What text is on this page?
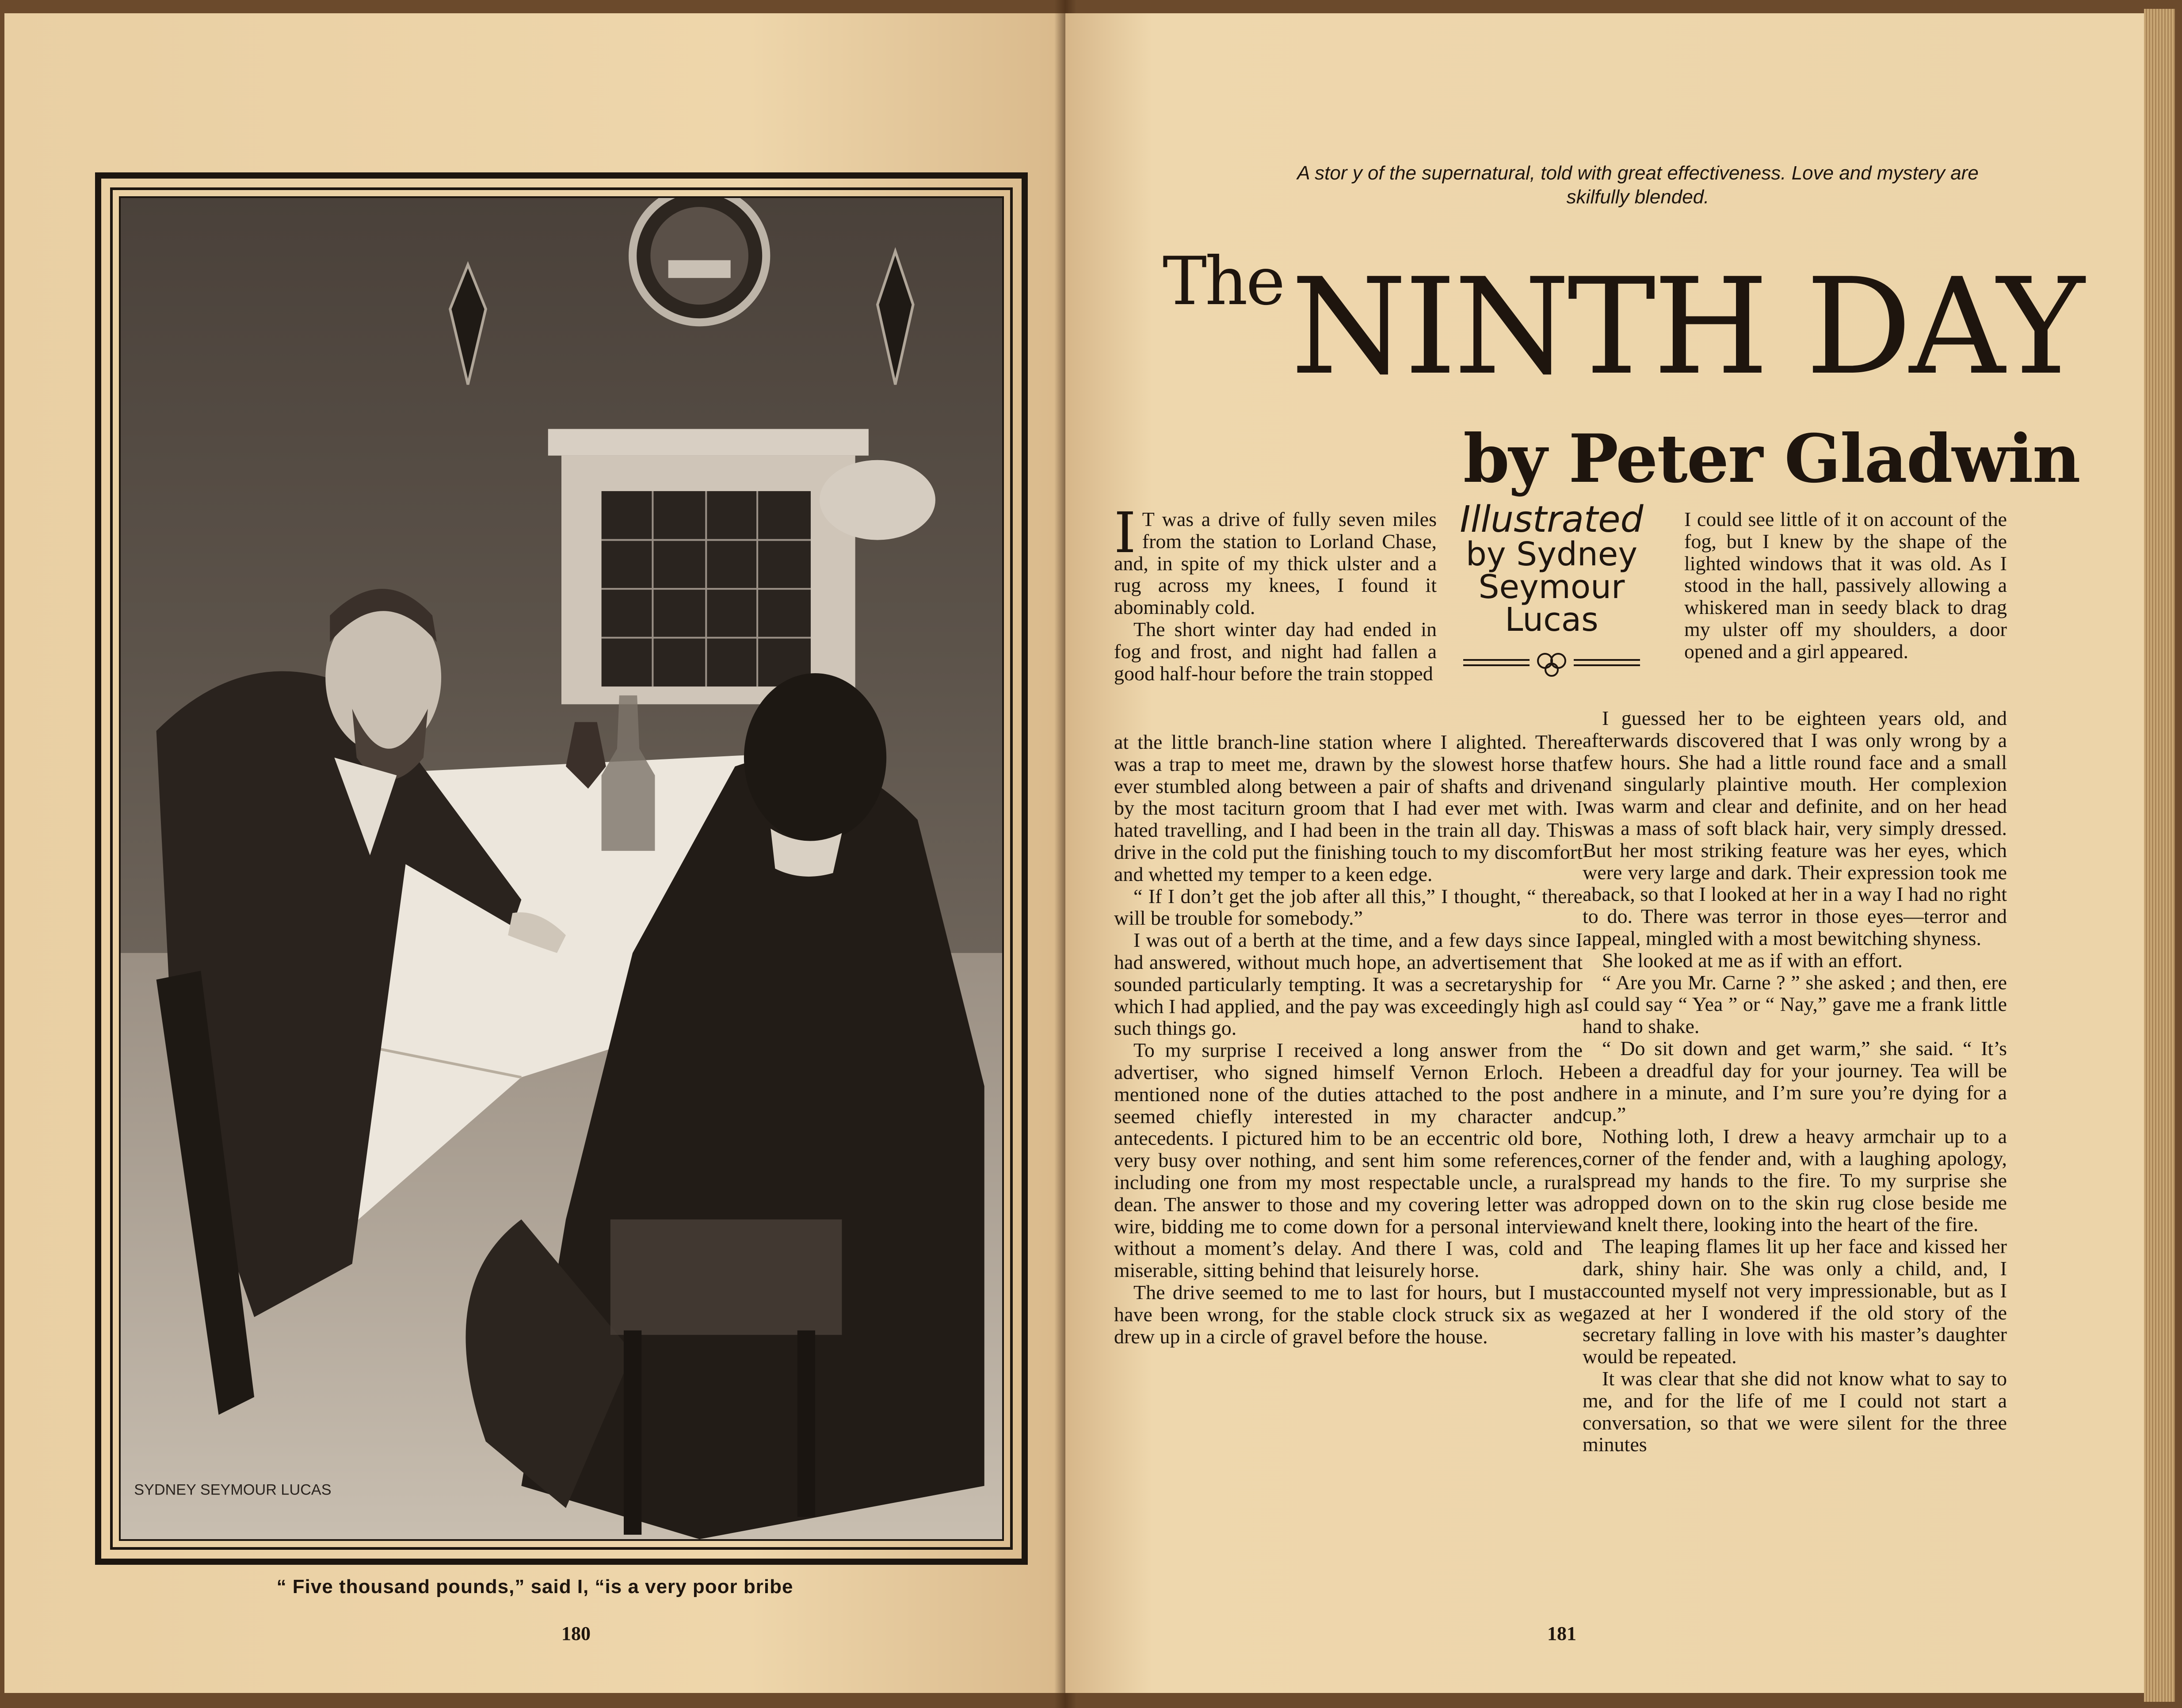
SYDNEY SEYMOUR LUCAS
“ Five thousand pounds,” said I, “is a very poor bribe
180
A stor y of the supernatural, told with great effectiveness. Love and mystery are skilfully blended.
The NINTH DAY
by Peter Gladwin
Illustrated
by Sydney
Seymour
Lucas

I T was a drive of fully seven miles from the station to Lorland Chase, and, in spite of my thick ulster and a rug across my knees, I found it abominably cold.

The short winter day had ended in fog and frost, and night had fallen a good half-hour before the train stopped

I could see little of it on account of the fog, but I knew by the shape of the lighted windows that it was old. As I stood in the hall, passively allowing a whiskered man in seedy black to drag my ulster off my shoulders, a door opened and a girl appeared.

at the little branch-line station where I alighted. There was a trap to meet me, drawn by the slowest horse that ever stumbled along between a pair of shafts and driven by the most taciturn groom that I had ever met with. I hated travelling, and I had been in the train all day. This drive in the cold put the finishing touch to my discomfort and whetted my temper to a keen edge.

“ If I don’t get the job after all this,” I thought, “ there will be trouble for somebody.”

I was out of a berth at the time, and a few days since I had answered, without much hope, an advertisement that sounded particularly tempting. It was a secretaryship for which I had applied, and the pay was exceedingly high as such things go.

To my surprise I received a long answer from the advertiser, who signed himself Vernon Erloch. He mentioned none of the duties attached to the post and seemed chiefly interested in my character and antecedents. I pictured him to be an eccentric old bore, very busy over nothing, and sent him some references, including one from my most respectable uncle, a rural dean. The answer to those and my covering letter was a wire, bidding me to come down for a personal interview without a moment’s delay. And there I was, cold and miserable, sitting behind that leisurely horse.

The drive seemed to me to last for hours, but I must have been wrong, for the stable clock struck six as we drew up in a circle of gravel before the house.

I guessed her to be eighteen years old, and afterwards discovered that I was only wrong by a few hours. She had a little round face and a small and singularly plaintive mouth. Her complexion was warm and clear and definite, and on her head was a mass of soft black hair, very simply dressed. But her most striking feature was her eyes, which were very large and dark. Their expression took me aback, so that I looked at her in a way I had no right to do. There was terror in those eyes—terror and appeal, mingled with a most bewitching shyness.

She looked at me as if with an effort.

“ Are you Mr. Carne ? ” she asked ; and then, ere I could say “ Yea ” or “ Nay,” gave me a frank little hand to shake.

“ Do sit down and get warm,” she said. “ It’s been a dreadful day for your journey. Tea will be here in a minute, and I’m sure you’re dying for a cup.”

Nothing loth, I drew a heavy armchair up to a corner of the fender and, with a laughing apology, spread my hands to the fire. To my surprise she dropped down on to the skin rug close beside me and knelt there, looking into the heart of the fire.

The leaping flames lit up her face and kissed her dark, shiny hair. She was only a child, and, I accounted myself not very impressionable, but as I gazed at her I wondered if the old story of the secretary falling in love with his master’s daughter would be repeated.

It was clear that she did not know what to say to me, and for the life of me I could not start a conversation, so that we were silent for the three minutes

181
